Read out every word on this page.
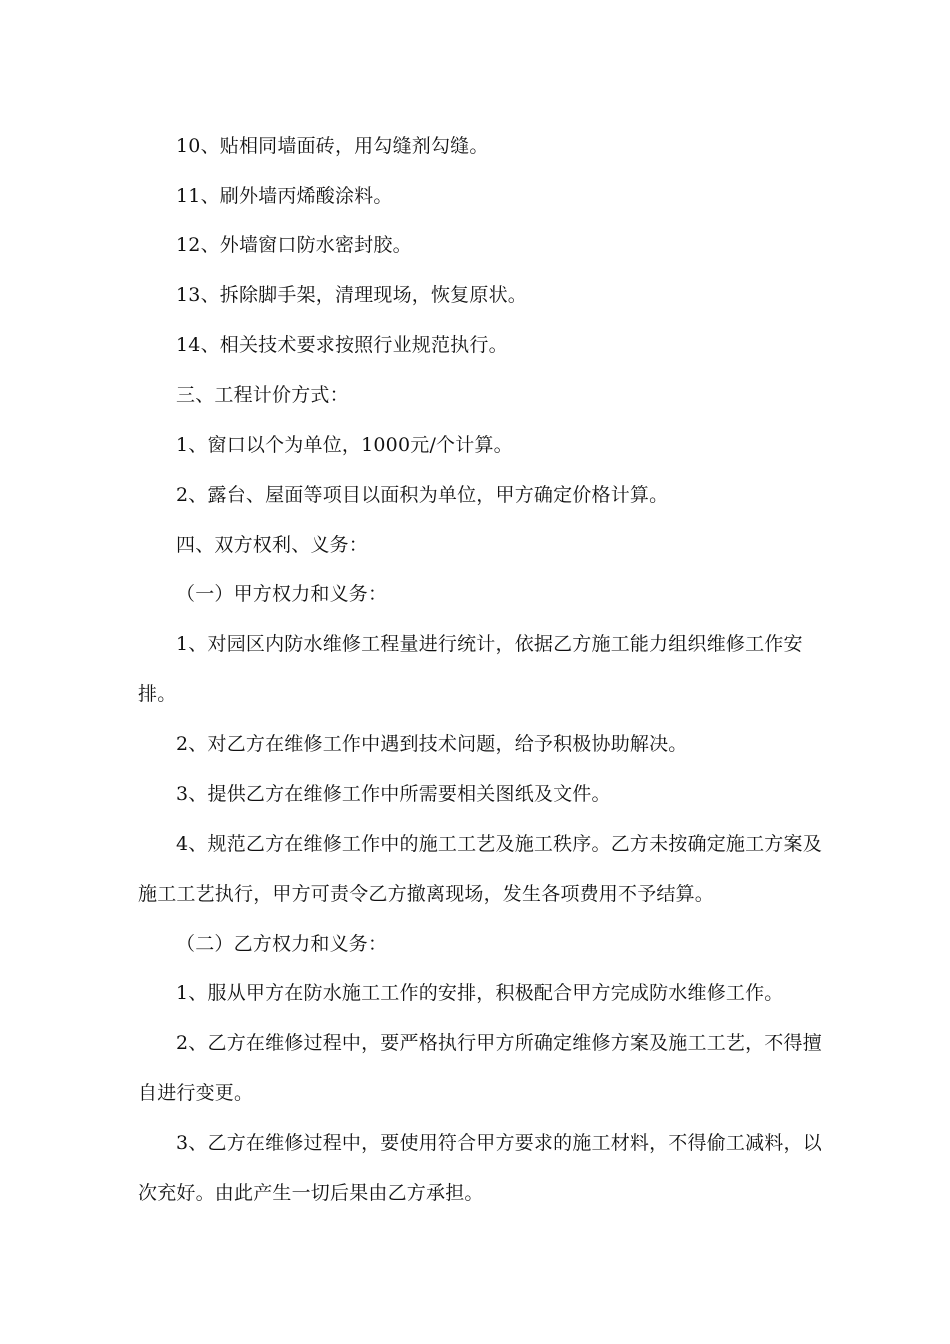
10、贴相同墙面砖，用勾缝剂勾缝。
11、刷外墙丙烯酸涂料。
12、外墙窗口防水密封胶。
13、拆除脚手架，清理现场，恢复原状。
14、相关技术要求按照行业规范执行。
三、工程计价方式：
1、窗口以个为单位，1000元/个计算。
2、露台、屋面等项目以面积为单位，甲方确定价格计算。
四、双方权利、义务：
（一）甲方权力和义务：
1、对园区内防水维修工程量进行统计，依据乙方施工能力组织维修工作安
排。
2、对乙方在维修工作中遇到技术问题，给予积极协助解决。
3、提供乙方在维修工作中所需要相关图纸及文件。
4、规范乙方在维修工作中的施工工艺及施工秩序。乙方未按确定施工方案及
施工工艺执行，甲方可责令乙方撤离现场，发生各项费用不予结算。
（二）乙方权力和义务：
1、服从甲方在防水施工工作的安排，积极配合甲方完成防水维修工作。
2、乙方在维修过程中，要严格执行甲方所确定维修方案及施工工艺，不得擅
自进行变更。
3、乙方在维修过程中，要使用符合甲方要求的施工材料，不得偷工减料，以
次充好。由此产生一切后果由乙方承担。
